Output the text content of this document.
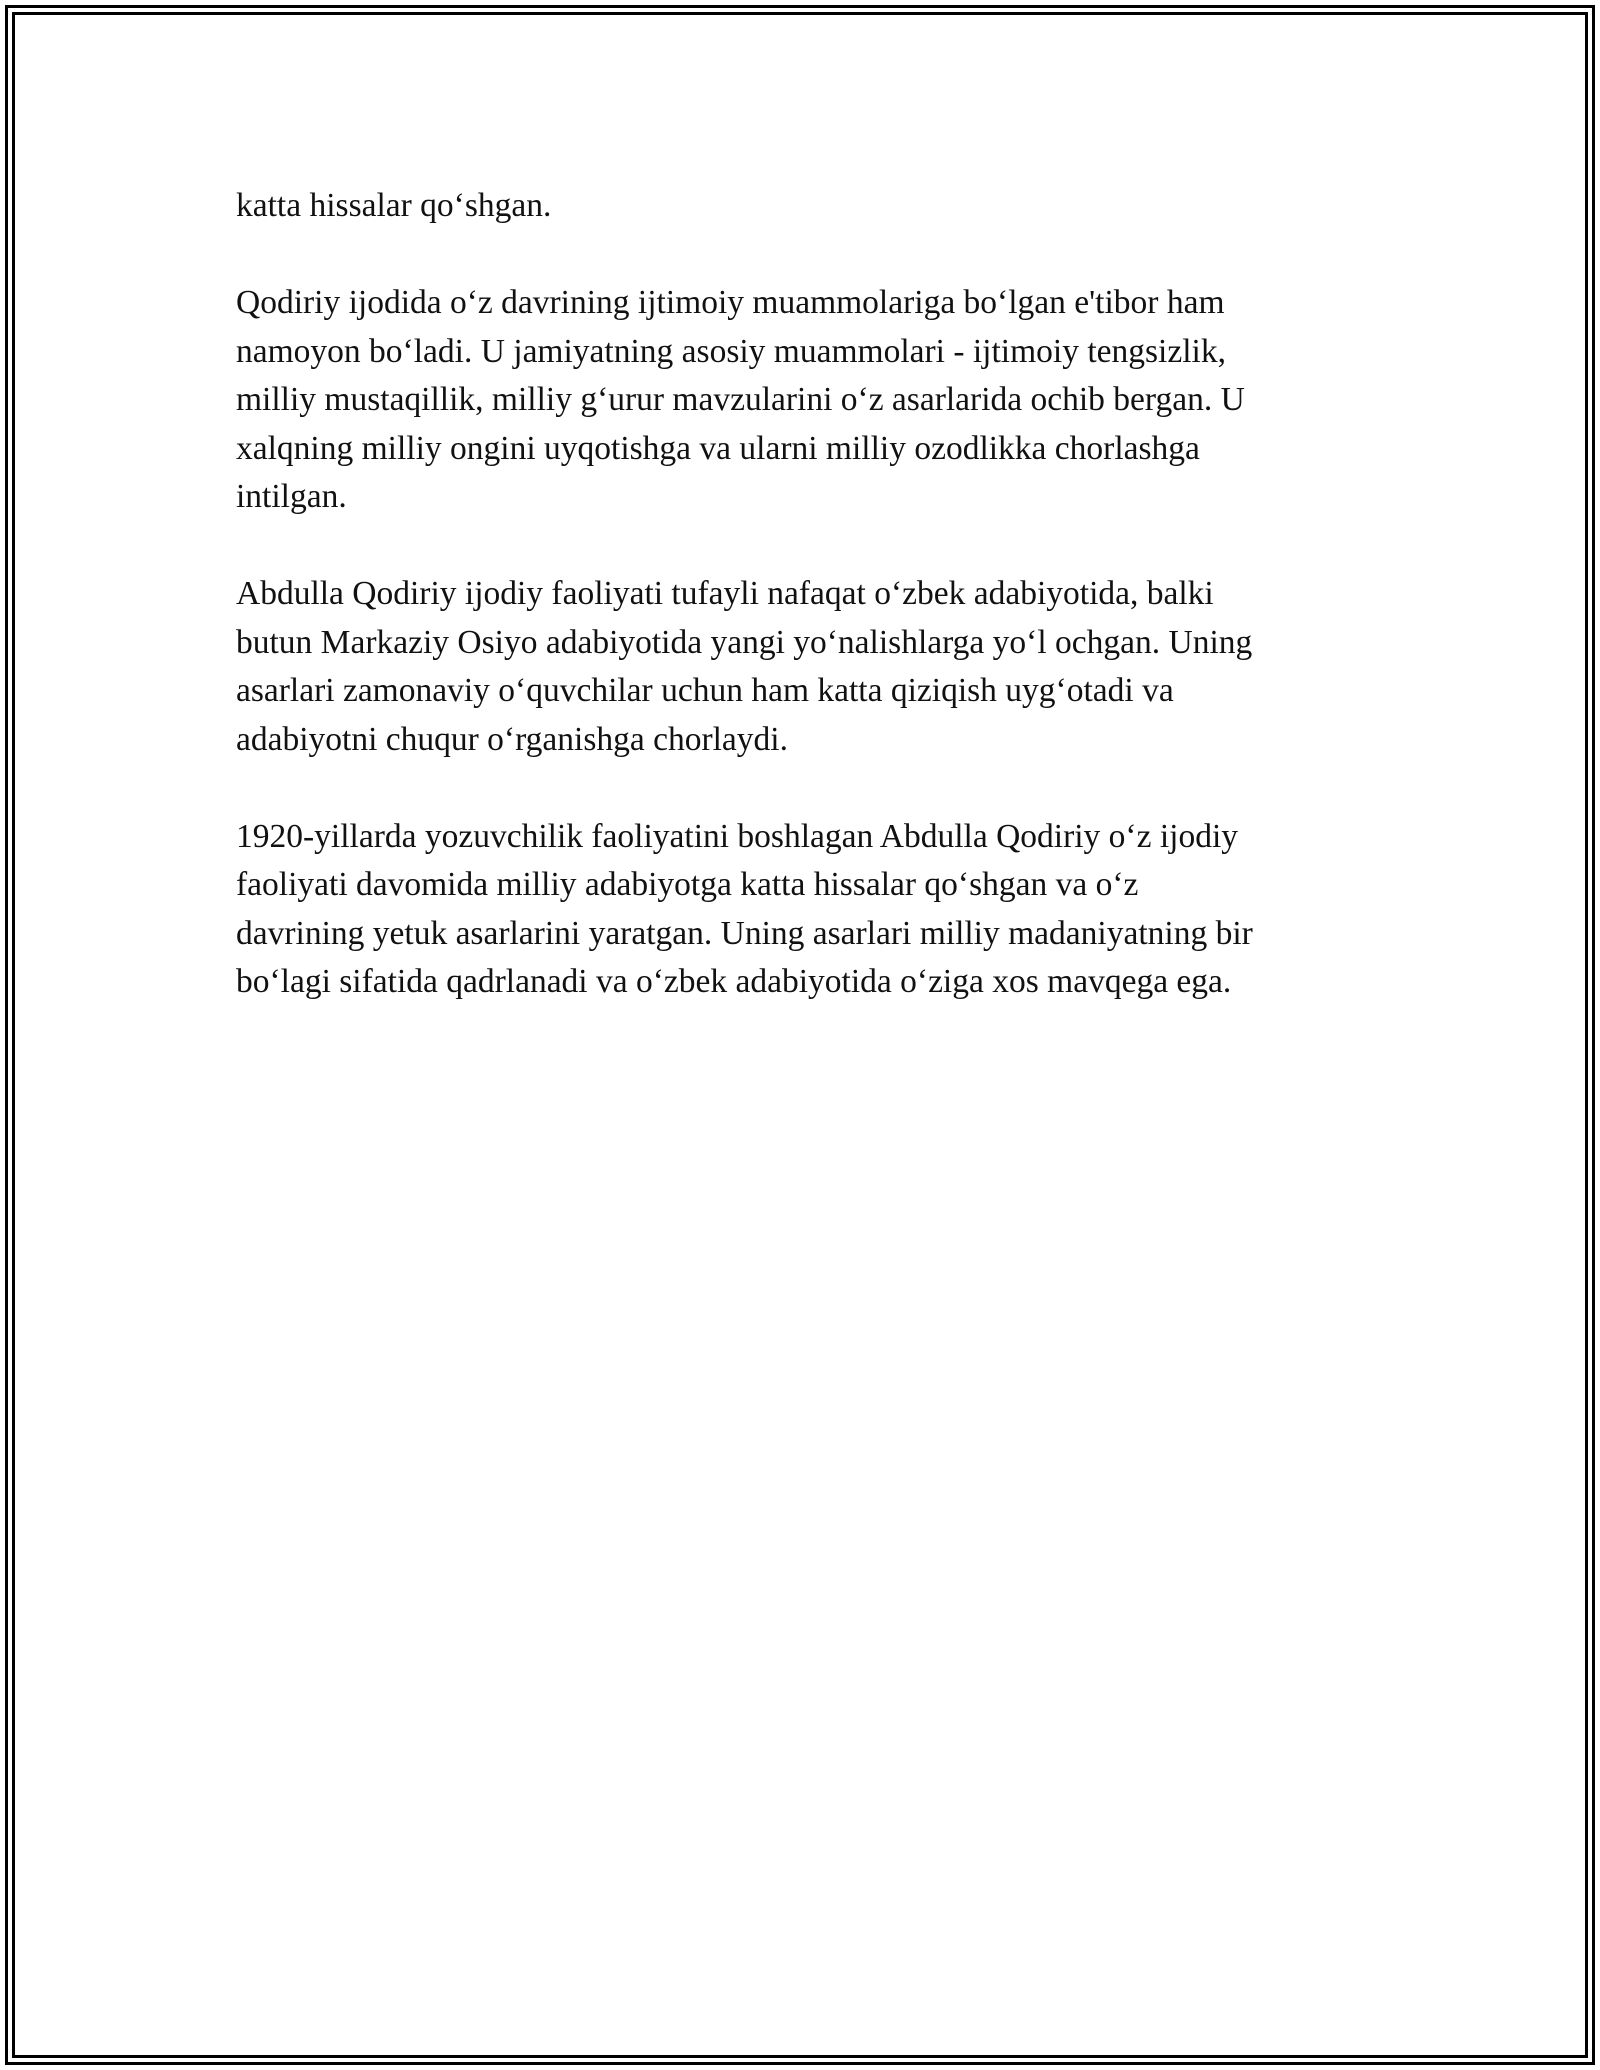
katta hissalar qo‘shgan.

Qodiriy ijodida o‘z davrining ijtimoiy muammolariga bo‘lgan e'tibor ham
namoyon bo‘ladi. U jamiyatning asosiy muammolari - ijtimoiy tengsizlik,
milliy mustaqillik, milliy g‘urur mavzularini o‘z asarlarida ochib bergan. U
xalqning milliy ongini uyqotishga va ularni milliy ozodlikka chorlashga
intilgan.

Abdulla Qodiriy ijodiy faoliyati tufayli nafaqat o‘zbek adabiyotida, balki
butun Markaziy Osiyo adabiyotida yangi yo‘nalishlarga yo‘l ochgan. Uning
asarlari zamonaviy o‘quvchilar uchun ham katta qiziqish uyg‘otadi va
adabiyotni chuqur o‘rganishga chorlaydi.

1920-yillarda yozuvchilik faoliyatini boshlagan Abdulla Qodiriy o‘z ijodiy
faoliyati davomida milliy adabiyotga katta hissalar qo‘shgan va o‘z
davrining yetuk asarlarini yaratgan. Uning asarlari milliy madaniyatning bir
bo‘lagi sifatida qadrlanadi va o‘zbek adabiyotida o‘ziga xos mavqega ega.
